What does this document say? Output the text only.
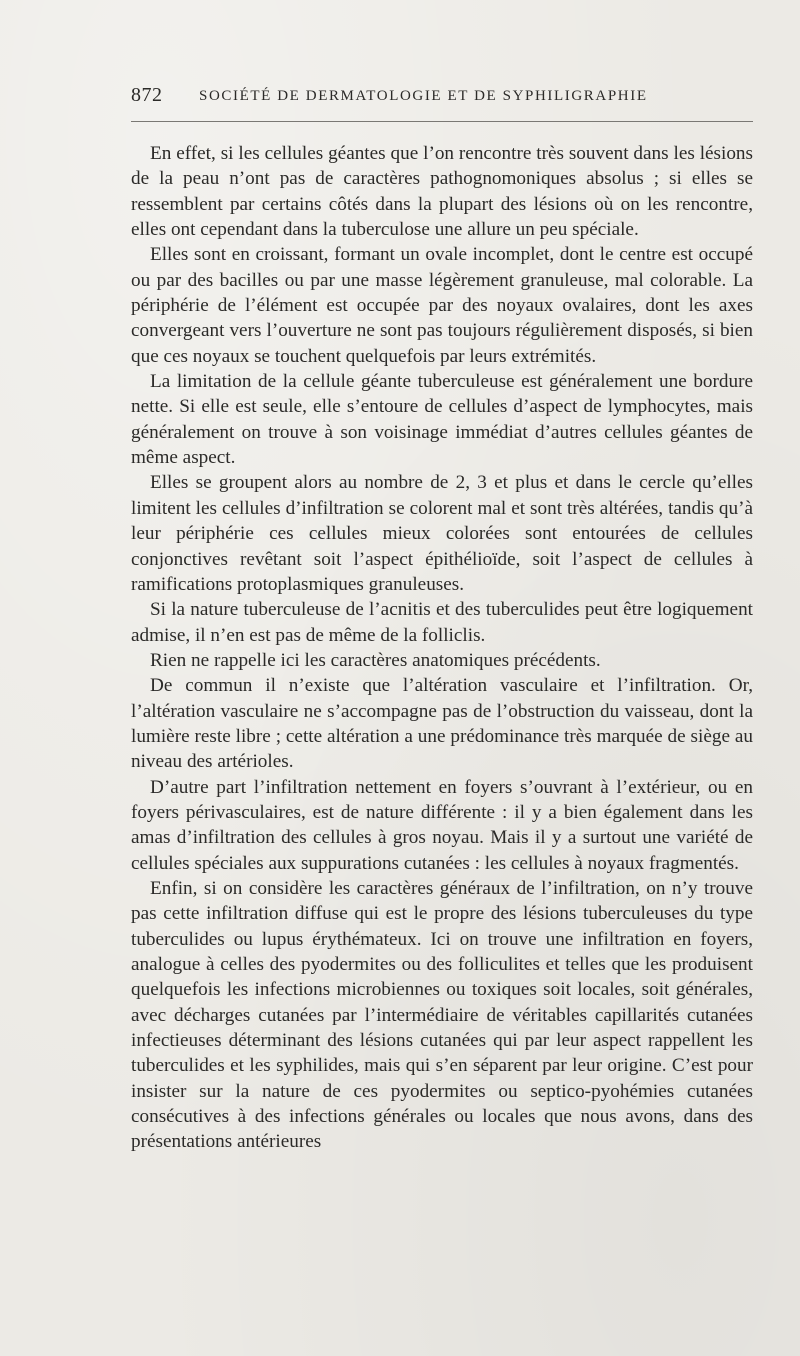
872 SOCIÉTÉ DE DERMATOLOGIE ET DE SYPHILIGRAPHIE

En effet, si les cellules géantes que l’on rencontre très souvent dans les lésions de la peau n’ont pas de caractères pathognomoniques absolus ; si elles se ressemblent par certains côtés dans la plupart des lésions où on les rencontre, elles ont cependant dans la tuberculose une allure un peu spéciale.

Elles sont en croissant, formant un ovale incomplet, dont le centre est occupé ou par des bacilles ou par une masse légèrement granuleuse, mal colorable. La périphérie de l’élément est occupée par des noyaux ovalaires, dont les axes convergeant vers l’ouverture ne sont pas toujours régulièrement disposés, si bien que ces noyaux se touchent quelquefois par leurs extrémités.

La limitation de la cellule géante tuberculeuse est généralement une bordure nette. Si elle est seule, elle s’entoure de cellules d’aspect de lymphocytes, mais généralement on trouve à son voisinage immédiat d’autres cellules géantes de même aspect.

Elles se groupent alors au nombre de 2, 3 et plus et dans le cercle qu’elles limitent les cellules d’infiltration se colorent mal et sont très altérées, tandis qu’à leur périphérie ces cellules mieux colorées sont entourées de cellules conjonctives revêtant soit l’aspect épithélioïde, soit l’aspect de cellules à ramifications protoplasmiques granuleuses.

Si la nature tuberculeuse de l’acnitis et des tuberculides peut être logiquement admise, il n’en est pas de même de la folliclis.

Rien ne rappelle ici les caractères anatomiques précédents.

De commun il n’existe que l’altération vasculaire et l’infiltration. Or, l’altération vasculaire ne s’accompagne pas de l’obstruction du vaisseau, dont la lumière reste libre ; cette altération a une prédominance très marquée de siège au niveau des artérioles.

D’autre part l’infiltration nettement en foyers s’ouvrant à l’extérieur, ou en foyers périvasculaires, est de nature différente : il y a bien également dans les amas d’infiltration des cellules à gros noyau. Mais il y a surtout une variété de cellules spéciales aux suppurations cutanées : les cellules à noyaux fragmentés.

Enfin, si on considère les caractères généraux de l’infiltration, on n’y trouve pas cette infiltration diffuse qui est le propre des lésions tuberculeuses du type tuberculides ou lupus érythémateux. Ici on trouve une infiltration en foyers, analogue à celles des pyodermites ou des folliculites et telles que les produisent quelquefois les infections microbiennes ou toxiques soit locales, soit générales, avec décharges cutanées par l’intermédiaire de véritables capillarités cutanées infectieuses déterminant des lésions cutanées qui par leur aspect rappellent les tuberculides et les syphilides, mais qui s’en séparent par leur origine. C’est pour insister sur la nature de ces pyodermites ou septico-pyohémies cutanées consécutives à des infections générales ou locales que nous avons, dans des présentations antérieures
